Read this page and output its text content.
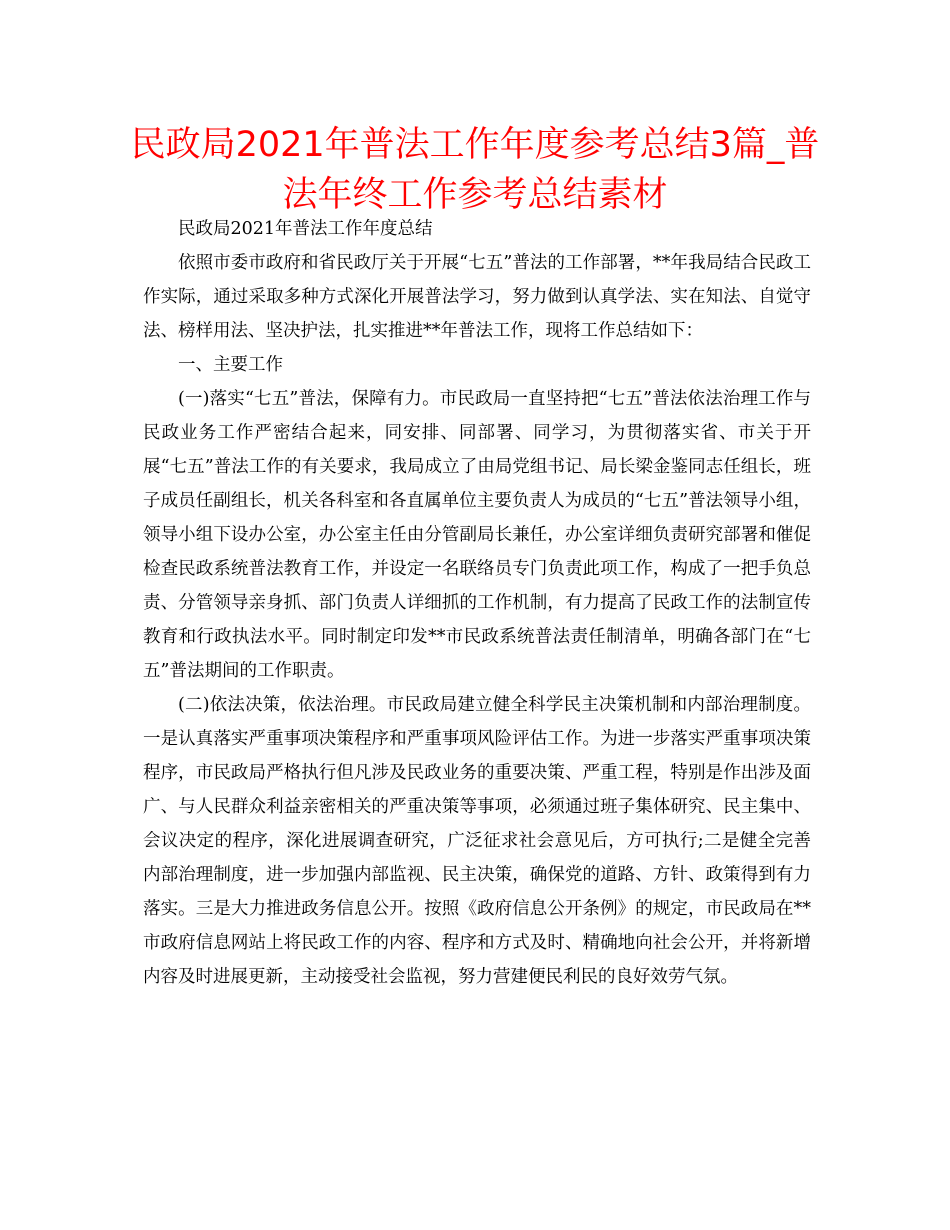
民政局2021年普法工作年度参考总结3篇_普法年终工作参考总结素材

民政局2021年普法工作年度总结

依照市委市政府和省民政厅关于开展“七五”普法的工作部署，**年我局结合民政工作实际，通过采取多种方式深化开展普法学习，努力做到认真学法、实在知法、自觉守法、榜样用法、坚决护法，扎实推进**年普法工作，现将工作总结如下：

一、主要工作

(一)落实“七五”普法，保障有力。市民政局一直坚持把“七五”普法依法治理工作与民政业务工作严密结合起来，同安排、同部署、同学习，为贯彻落实省、市关于开展“七五”普法工作的有关要求，我局成立了由局党组书记、局长梁金鉴同志任组长，班子成员任副组长，机关各科室和各直属单位主要负责人为成员的“七五”普法领导小组，领导小组下设办公室，办公室主任由分管副局长兼任，办公室详细负责研究部署和催促检查民政系统普法教育工作，并设定一名联络员专门负责此项工作，构成了一把手负总责、分管领导亲身抓、部门负责人详细抓的工作机制，有力提高了民政工作的法制宣传教育和行政执法水平。同时制定印发**市民政系统普法责任制清单，明确各部门在“七五”普法期间的工作职责。

(二)依法决策，依法治理。市民政局建立健全科学民主决策机制和内部治理制度。一是认真落实严重事项决策程序和严重事项风险评估工作。为进一步落实严重事项决策程序，市民政局严格执行但凡涉及民政业务的重要决策、严重工程，特别是作出涉及面广、与人民群众利益亲密相关的严重决策等事项，必须通过班子集体研究、民主集中、会议决定的程序，深化进展调查研究，广泛征求社会意见后，方可执行;二是健全完善内部治理制度，进一步加强内部监视、民主决策，确保党的道路、方针、政策得到有力落实。三是大力推进政务信息公开。按照《政府信息公开条例》的规定，市民政局在**市政府信息网站上将民政工作的内容、程序和方式及时、精确地向社会公开，并将新增内容及时进展更新，主动接受社会监视，努力营建便民利民的良好效劳气氛。
